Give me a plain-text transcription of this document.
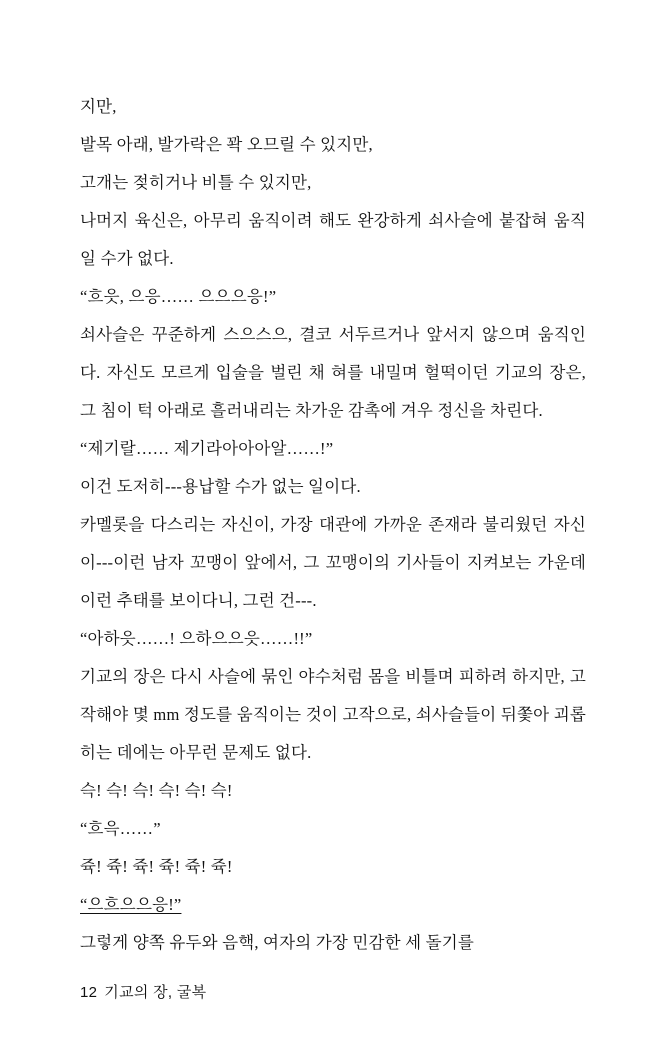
지만,

발목 아래, 발가락은 꽉 오므릴 수 있지만,

고개는 젖히거나 비틀 수 있지만,

나머지 육신은, 아무리 움직이려 해도 완강하게 쇠사슬에 붙잡혀 움직일 수가 없다.

“흐읏, 으응…… 으으으응!”

쇠사슬은 꾸준하게 스으스으, 결코 서두르거나 앞서지 않으며 움직인다. 자신도 모르게 입술을 벌린 채 혀를 내밀며 헐떡이던 기교의 장은, 그 침이 턱 아래로 흘러내리는 차가운 감촉에 겨우 정신을 차린다.

“제기랄…… 제기라아아아알……!”

이건 도저히---용납할 수가 없는 일이다.

카멜롯을 다스리는 자신이, 가장 대관에 가까운 존재라 불리웠던 자신이---이런 남자 꼬맹이 앞에서, 그 꼬맹이의 기사들이 지켜보는 가운데 이런 추태를 보이다니, 그런 건---.

“아하읏……! 으하으으읏……!!”

기교의 장은 다시 사슬에 묶인 야수처럼 몸을 비틀며 피하려 하지만, 고작해야 몇 mm 정도를 움직이는 것이 고작으로, 쇠사슬들이 뒤쫓아 괴롭히는 데에는 아무런 문제도 없다.

슥! 슥! 슥! 슥! 슥! 슥!

“흐윽……”

쥭! 쥭! 쥭! 쥭! 쥭! 쥭!

“으흐으으응!”

그렇게 양쪽 유두와 음핵, 여자의 가장 민감한 세 돌기를

12 기교의 장, 굴복
